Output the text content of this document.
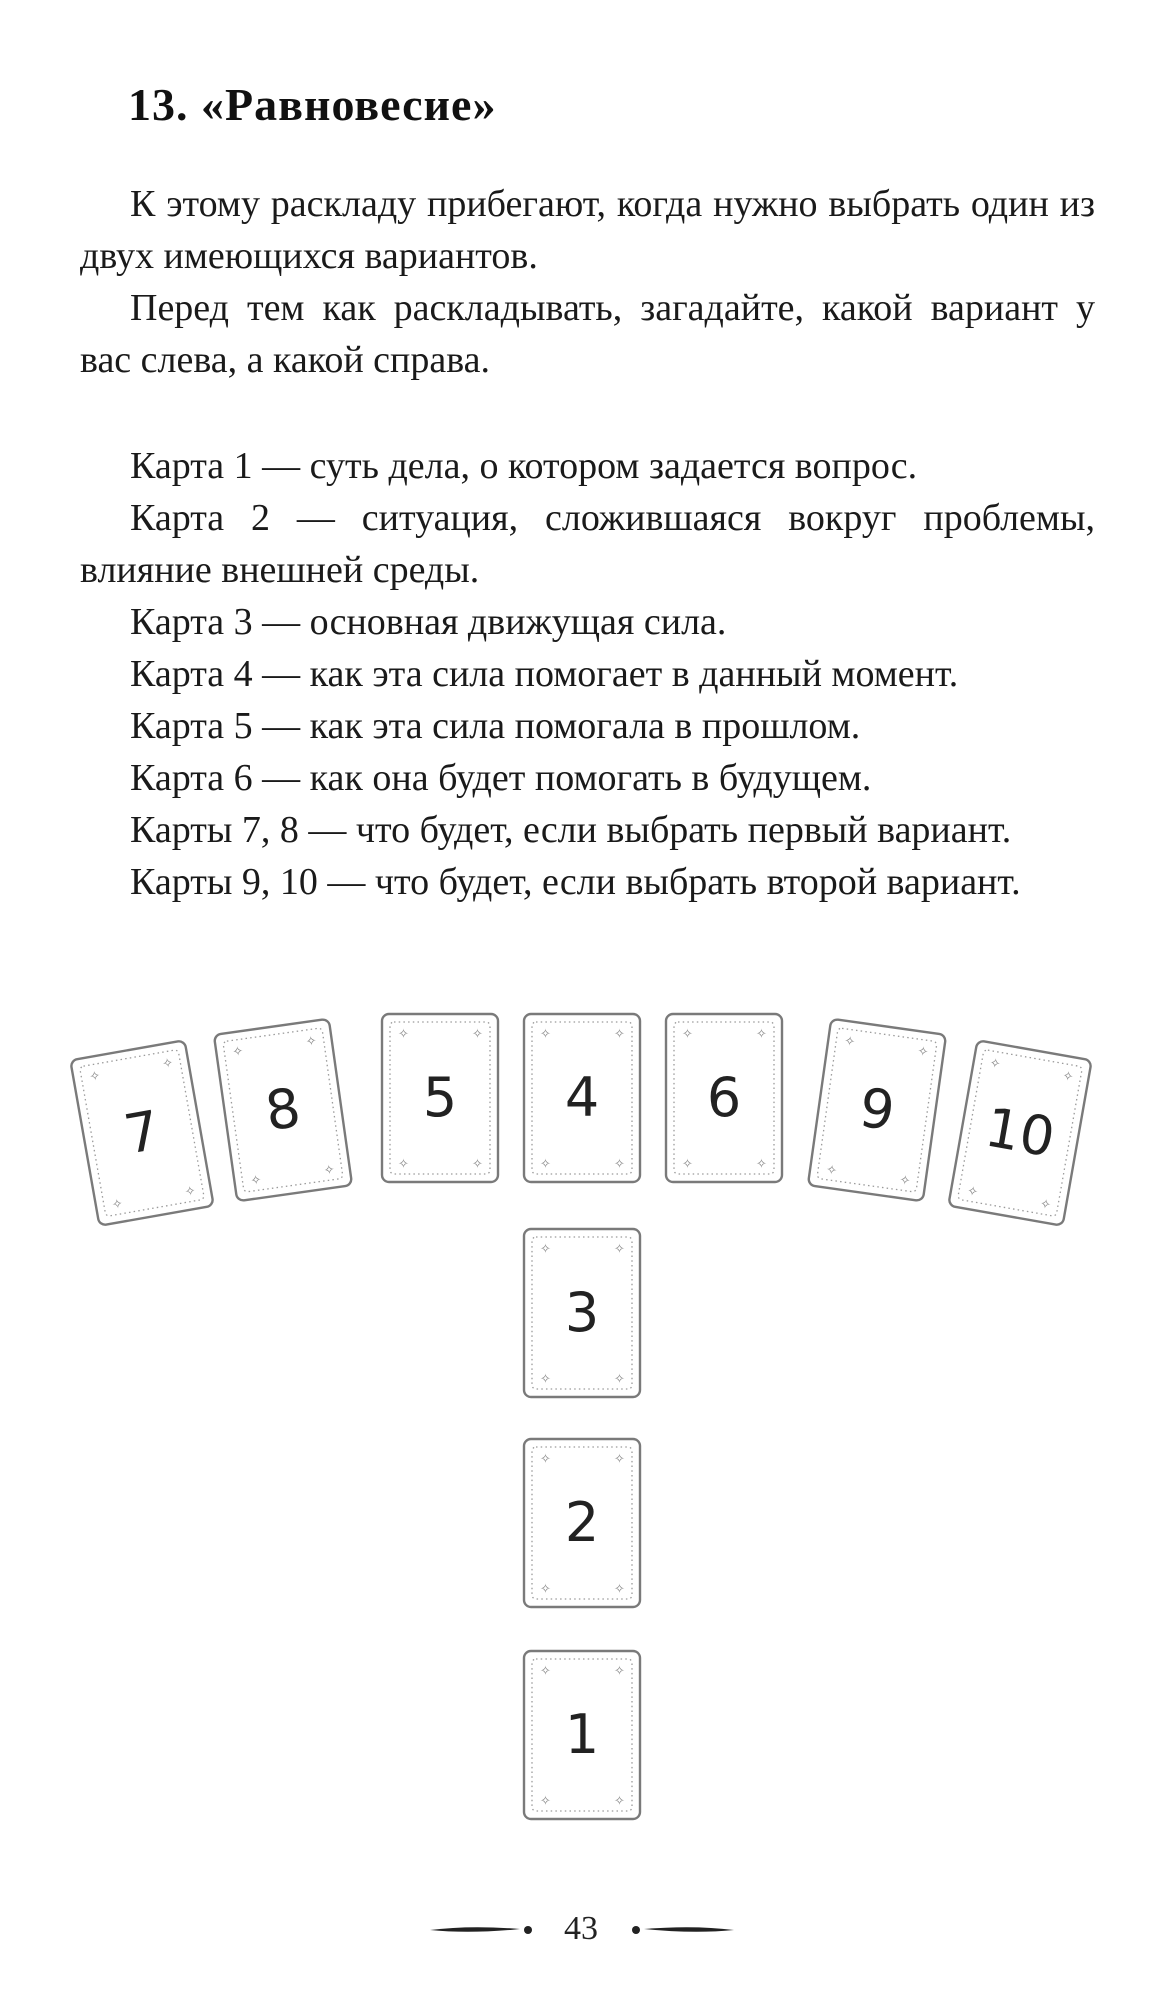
13. «Равновесие»

К этому раскладу прибегают, когда нужно выбрать один из двух имеющихся вариантов.

Перед тем как раскладывать, загадайте, какой вариант у вас слева, а какой справа.

Карта 1 — суть дела, о котором задается вопрос.

Карта 2 — ситуация, сложившаяся вокруг проблемы, влияние внешней среды.

Карта 3 — основная движущая сила.

Карта 4 — как эта сила помогает в данный момент.

Карта 5 — как эта сила помогала в прошлом.

Карта 6 — как она будет помогать в будущем.

Карты 7, 8 — что будет, если выбрать первый вариант.

Карты 9, 10 — что будет, если выбрать второй вариант.

✧
✧
✧
✧
7
✧
✧
✧
✧
8
✧	✧
✧	✧
5
✧	✧
✧	✧
4
✧	✧
✧	✧
6
✧
✧
✧
✧
9
✧
✧
✧
✧
10
✧	✧
✧	✧
3
✧	✧
✧	✧
2
✧	✧
✧	✧
1
43
